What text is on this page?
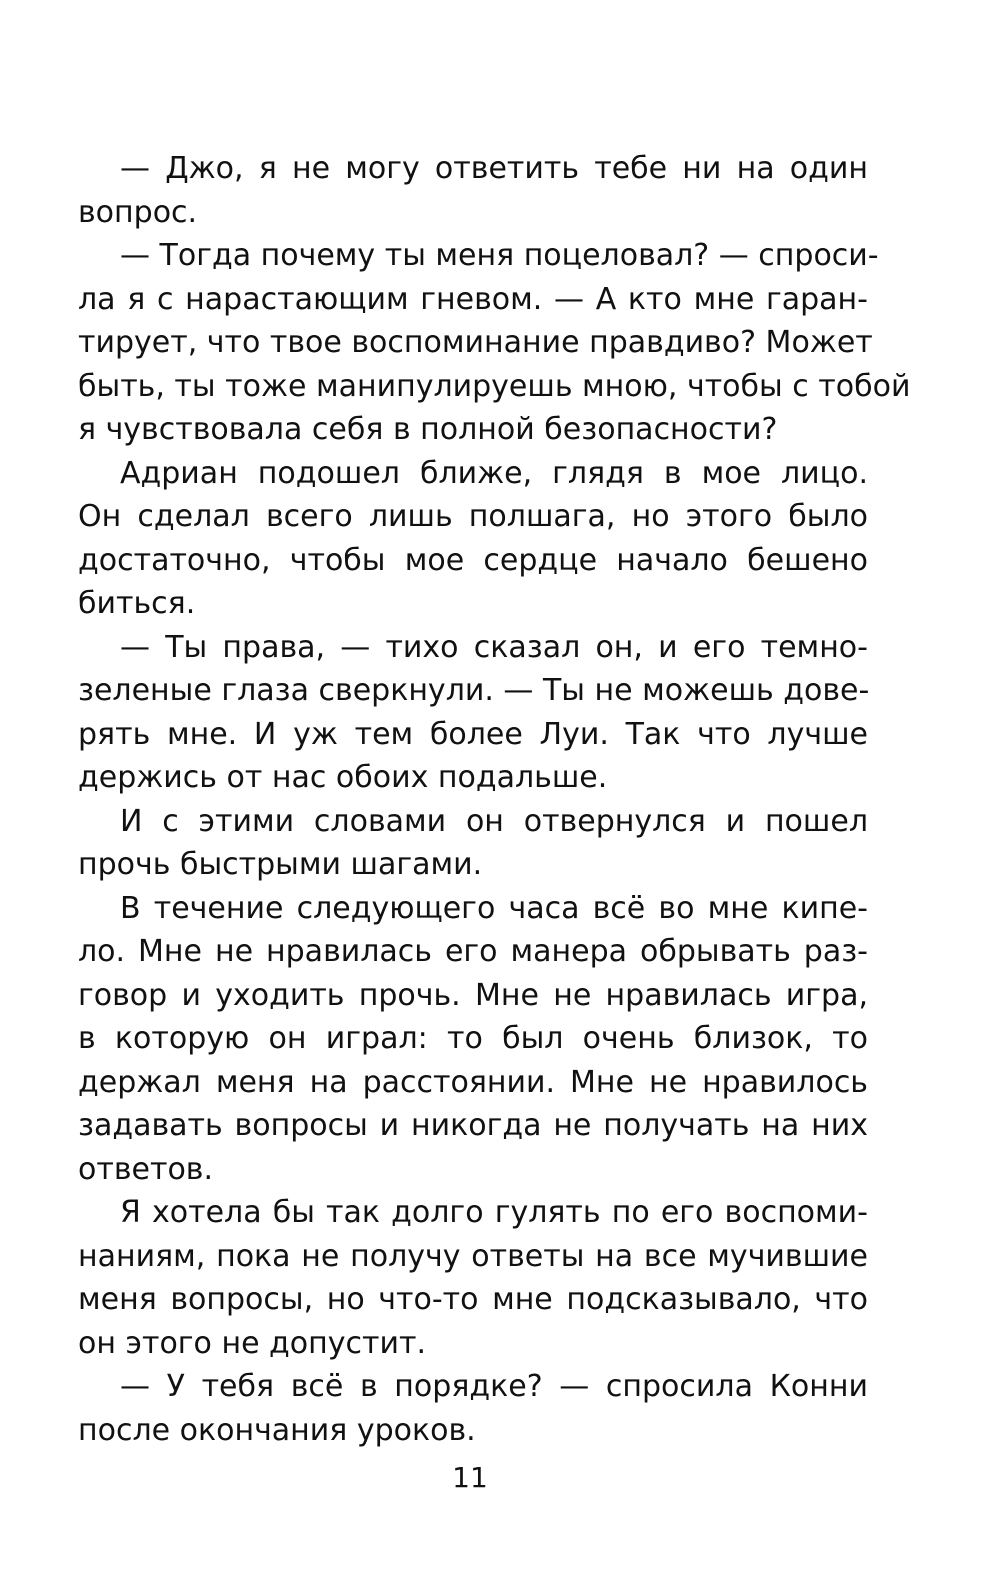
— Джо, я не могу ответить тебе ни на один
вопрос.
— Тогда почему ты меня поцеловал? — спроси-
ла я с нарастающим гневом. — А кто мне гаран-
тирует, что твое воспоминание правдиво? Может
быть, ты тоже манипулируешь мною, чтобы с тобой
я чувствовала себя в полной безопасности?
Адриан подошел ближе, глядя в мое лицо.
Он сделал всего лишь полшага, но этого было
достаточно, чтобы мое сердце начало бешено
биться.
— Ты права, — тихо сказал он, и его темно-
зеленые глаза сверкнули. — Ты не можешь дове-
рять мне. И уж тем более Луи. Так что лучше
держись от нас обоих подальше.
И с этими словами он отвернулся и пошел
прочь быстрыми шагами.
В течение следующего часа всё во мне кипе-
ло. Мне не нравилась его манера обрывать раз-
говор и уходить прочь. Мне не нравилась игра,
в которую он играл: то был очень близок, то
держал меня на расстоянии. Мне не нравилось
задавать вопросы и никогда не получать на них
ответов.
Я хотела бы так долго гулять по его воспоми-
наниям, пока не получу ответы на все мучившие
меня вопросы, но что-то мне подсказывало, что
он этого не допустит.
— У тебя всё в порядке? — спросила Конни
после окончания уроков.
11
